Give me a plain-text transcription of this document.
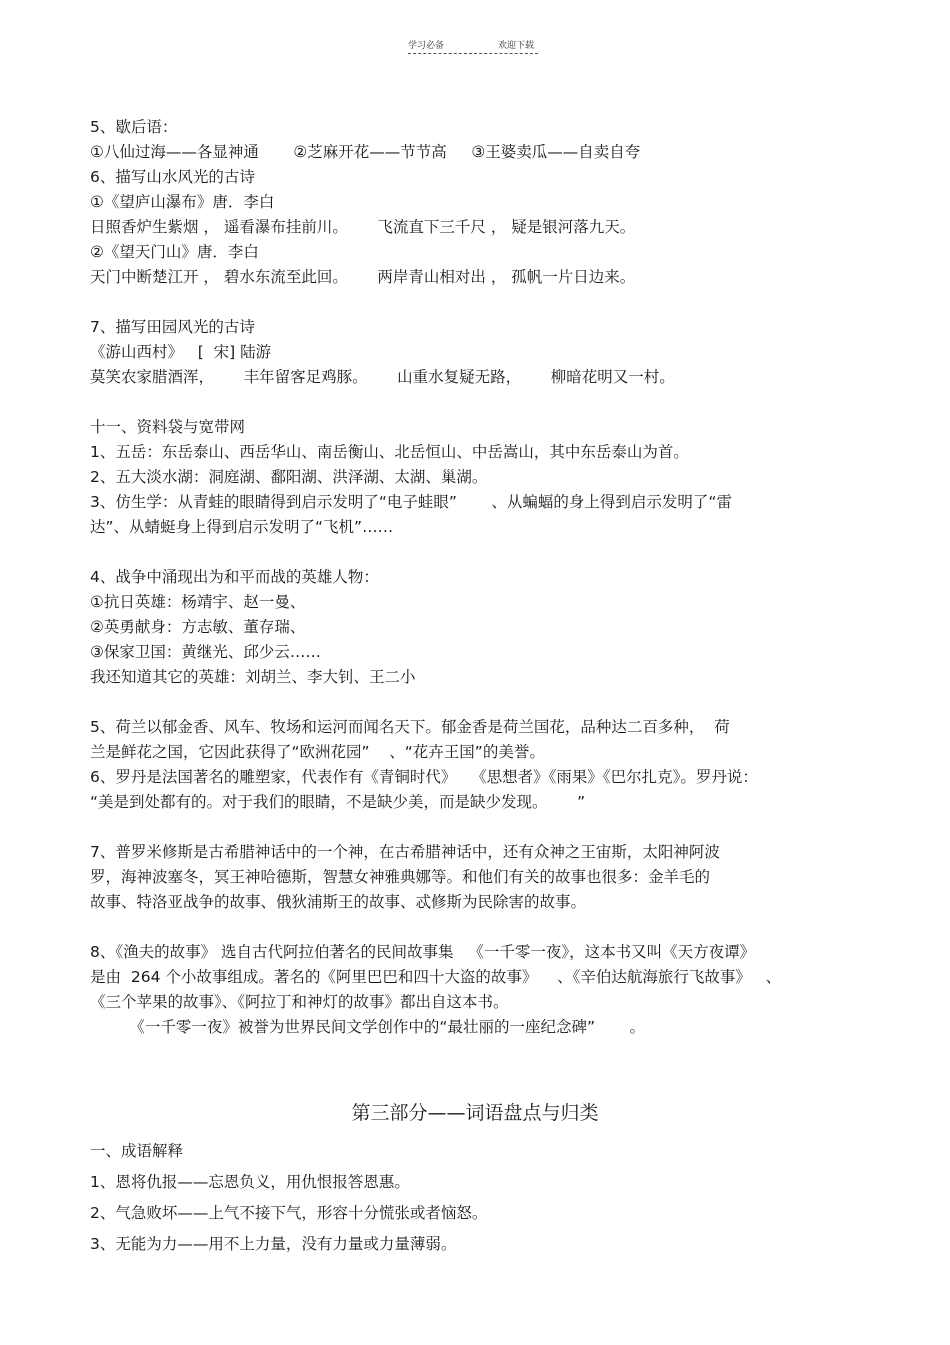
学习必备	欢迎下载
5、歇后语：
①八仙过海——各显神通       ②芝麻开花——节节高     ③王婆卖瓜——自卖自夸
6、描写山水风光的古诗
①《望庐山瀑布》唐．李白
日照香炉生紫烟 ， 遥看瀑布挂前川。      飞流直下三千尺 ， 疑是银河落九天。
②《望天门山》唐．李白
天门中断楚江开 ， 碧水东流至此回。      两岸青山相对出 ， 孤帆一片日边来。
7、描写田园风光的古诗
《游山西村》   [  宋] 陆游
莫笑农家腊酒浑，      丰年留客足鸡豚。      山重水复疑无路，      柳暗花明又一村。
十一、资料袋与宽带网
1、五岳：东岳泰山、西岳华山、南岳衡山、北岳恒山、中岳嵩山，其中东岳泰山为首。
2、五大淡水湖：洞庭湖、鄱阳湖、洪泽湖、太湖、巢湖。
3、仿生学：从青蛙的眼睛得到启示发明了“电子蛙眼”       、从蝙蝠的身上得到启示发明了“雷
达”、从蜻蜓身上得到启示发明了“飞机”……
4、战争中涌现出为和平而战的英雄人物：
①抗日英雄：杨靖宇、赵一曼、
②英勇献身：方志敏、董存瑞、
③保家卫国：黄继光、邱少云……
我还知道其它的英雄：刘胡兰、李大钊、王二小
5、荷兰以郁金香、风车、牧场和运河而闻名天下。郁金香是荷兰国花，品种达二百多种，  荷
兰是鲜花之国，它因此获得了“欧洲花园”    、“花卉王国”的美誉。
6、罗丹是法国著名的雕塑家，代表作有《青铜时代》   《思想者》《雨果》《巴尔扎克》。罗丹说：
“美是到处都有的。对于我们的眼睛，不是缺少美，而是缺少发现。      ”
7、普罗米修斯是古希腊神话中的一个神，在古希腊神话中，还有众神之王宙斯，太阳神阿波
罗，海神波塞冬，冥王神哈德斯，智慧女神雅典娜等。和他们有关的故事也很多：金羊毛的
故事、特洛亚战争的故事、俄狄浦斯王的故事、忒修斯为民除害的故事。
8、《渔夫的故事》 选自古代阿拉伯著名的民间故事集   《一千零一夜》，这本书又叫《天方夜谭》
是由  264 个小故事组成。著名的《阿里巴巴和四十大盗的故事》    、《辛伯达航海旅行飞故事》   、
《三个苹果的故事》、《阿拉丁和神灯的故事》都出自这本书。
《一千零一夜》被誉为世界民间文学创作中的“最壮丽的一座纪念碑”       。
第三部分——词语盘点与归类
一、成语解释
1、恩将仇报——忘恩负义，用仇恨报答恩惠。
2、气急败坏——上气不接下气，形容十分慌张或者恼怒。
3、无能为力——用不上力量，没有力量或力量薄弱。
